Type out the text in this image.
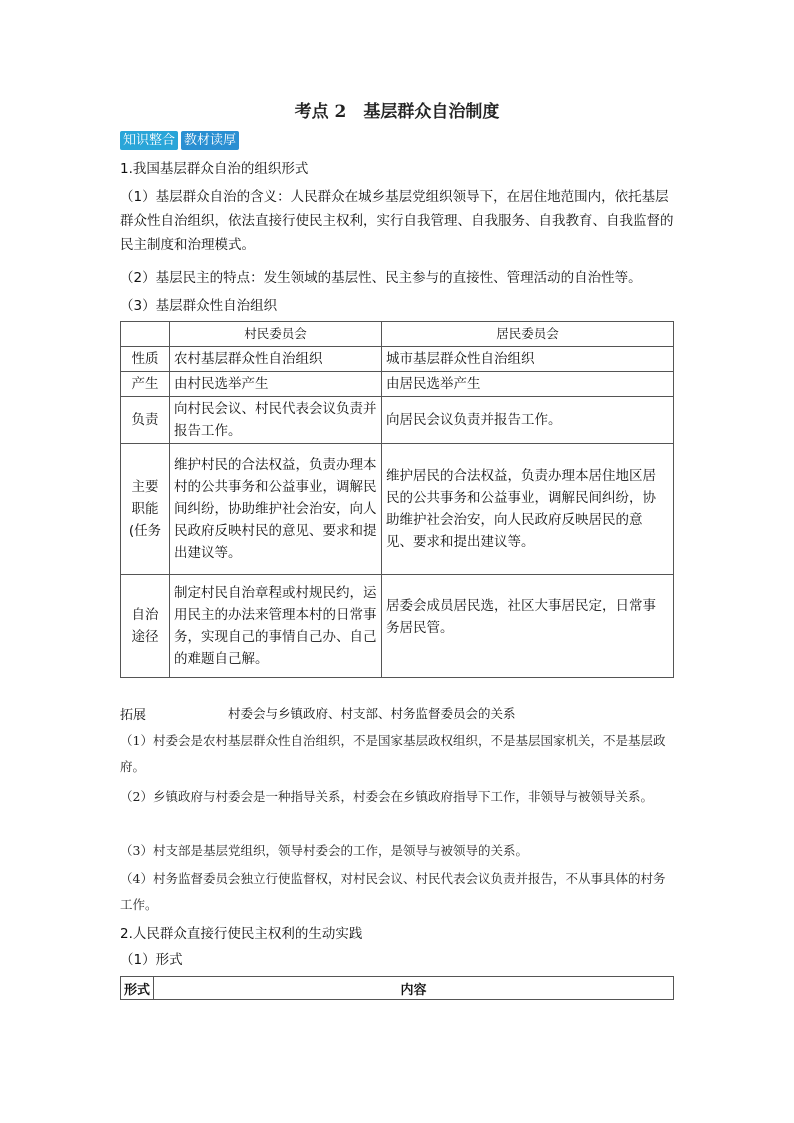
考点 2　基层群众自治制度
知识整合 教材读厚

1.我国基层群众自治的组织形式

（1）基层群众自治的含义：人民群众在城乡基层党组织领导下，在居住地范围内，依托基层群众性自治组织，依法直接行使民主权利，实行自我管理、自我服务、自我教育、自我监督的民主制度和治理模式。

（2）基层民主的特点：发生领域的基层性、民主参与的直接性、管理活动的自治性等。

（3）基层群众性自治组织

	村民委员会	居民委员会
性质	农村基层群众性自治组织	城市基层群众性自治组织
产生	由村民选举产生	由居民选举产生
负责	向村民会议、村民代表会议负责并报告工作。	向居民会议负责并报告工作。
主要职能(任务	维护村民的合法权益，负责办理本村的公共事务和公益事业，调解民间纠纷，协助维护社会治安，向人民政府反映村民的意见、要求和提出建议等。	维护居民的合法权益，负责办理本居住地区居民的公共事务和公益事业，调解民间纠纷，协助维护社会治安，向人民政府反映居民的意见、要求和提出建议等。
自治途径	制定村民自治章程或村规民约，运用民主的办法来管理本村的日常事务，实现自己的事情自己办、自己的难题自己解。	居委会成员居民选，社区大事居民定，日常事务居民管。
拓展	村委会与乡镇政府、村支部、村务监督委员会的关系

（1）村委会是农村基层群众性自治组织，不是国家基层政权组织，不是基层国家机关，不是基层政府。

（2）乡镇政府与村委会是一种指导关系，村委会在乡镇政府指导下工作，非领导与被领导关系。

（3）村支部是基层党组织，领导村委会的工作，是领导与被领导的关系。

（4）村务监督委员会独立行使监督权，对村民会议、村民代表会议负责并报告，不从事具体的村务工作。

2.人民群众直接行使民主权利的生动实践

（1）形式

形式	内容
